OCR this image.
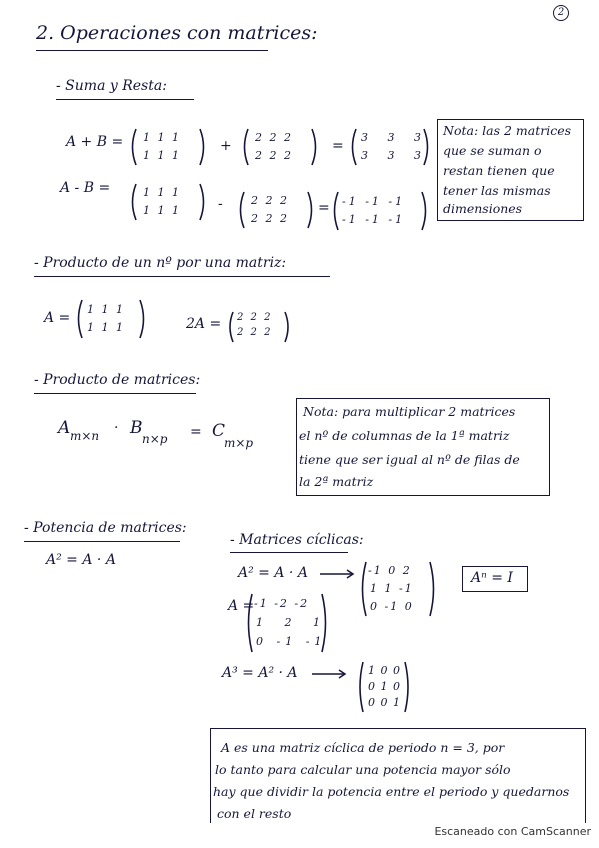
2
2. Operaciones con matrices:
- Suma y Resta:
A + B = 1 1 1
1 1 1
+
2 2 2
2 2 2
=
3 3 3
3 3 3
A - B =	1 1 1
1 1 1	-	2 2 2
2 2 2
= -1 -1 -1
-1 -1 -1
Nota: las 2 matrices
que se suman o
restan tienen que
tener las mismas
dimensiones
- Producto de un nº por una matriz:
A =
1 1 1
1 1 1	2A = 2 2 2
2 2 2
- Producto de matrices:
A m×n · B
n×p = C
m×p
Nota: para multiplicar 2 matrices
el nº de columnas de la 1ª matriz
tiene que ser igual al nº de filas de
la 2ª matriz
- Potencia de matrices:
A² = A · A
- Matrices cíclicas:
A² = A · A	-1 0 2
1 1 -1
0 -1 0
Aⁿ = I
A = -1 -2 -2
1 2 1
0 -1 -1
A³ = A² · A	1 0 0
0 1 0
0 0 1
A es una matriz cíclica de periodo n = 3, por
lo tanto para calcular una potencia mayor sólo
hay que dividir la potencia entre el periodo y quedarnos
con el resto
Escaneado con CamScanner
